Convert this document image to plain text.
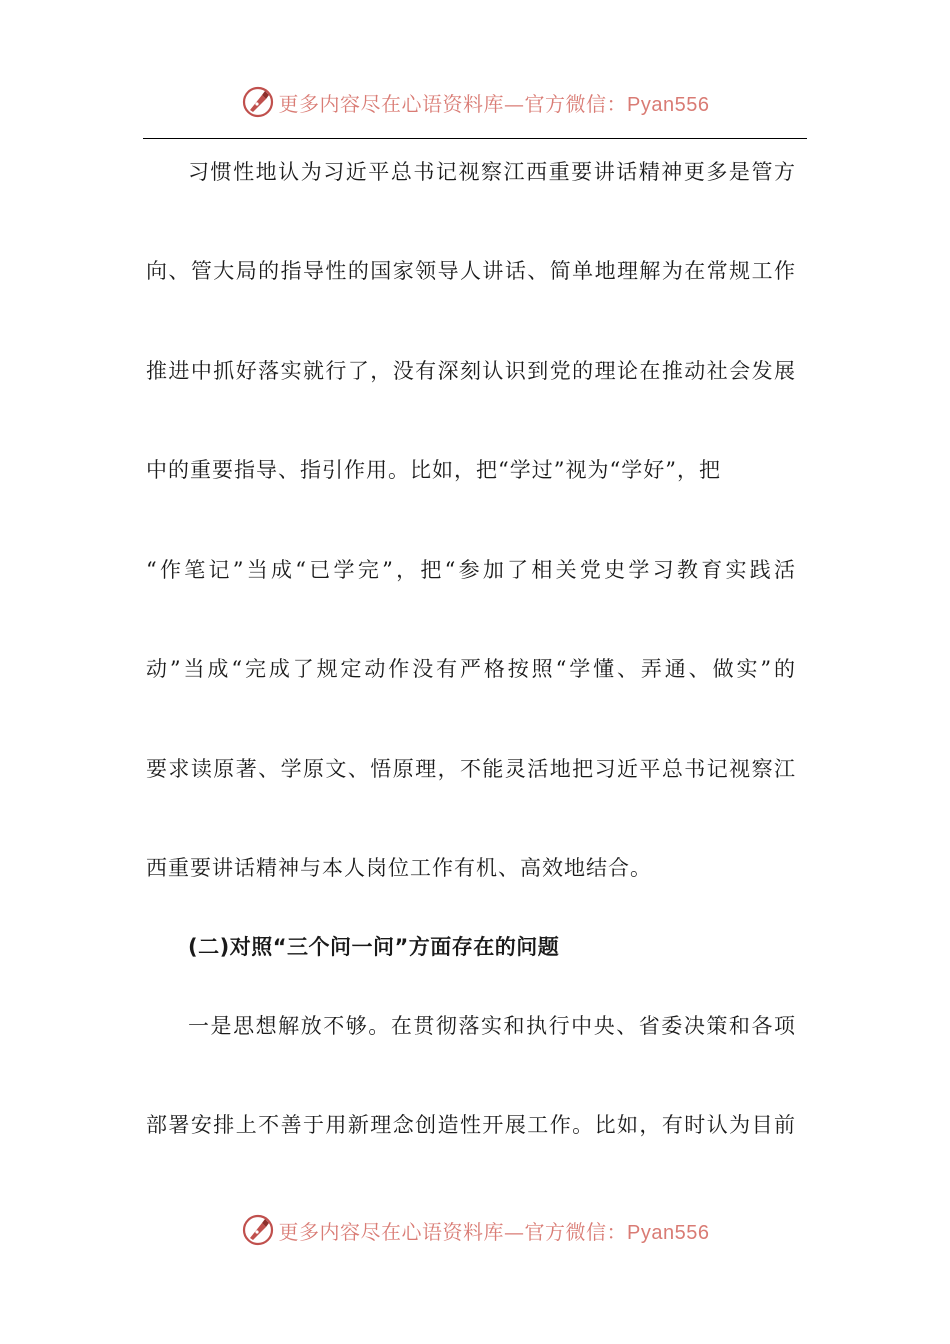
更多内容尽在心语资料库—官方微信：Pyan556
习惯性地认为习近平总书记视察江西重要讲话精神更多是管方
向、管大局的指导性的国家领导人讲话、简单地理解为在常规工作
推进中抓好落实就行了，没有深刻认识到党的理论在推动社会发展
中的重要指导、指引作用。比如，把“学过”视为“学好”，把
“作笔记”当成“已学完”，把“参加了相关党史学习教育实践活
动”当成“完成了规定动作没有严格按照“学懂、弄通、做实”的
要求读原著、学原文、悟原理，不能灵活地把习近平总书记视察江
西重要讲话精神与本人岗位工作有机、高效地结合。
(二)对照“三个问一问”方面存在的问题
一是思想解放不够。在贯彻落实和执行中央、省委决策和各项
部署安排上不善于用新理念创造性开展工作。比如，有时认为目前
更多内容尽在心语资料库—官方微信：Pyan556
